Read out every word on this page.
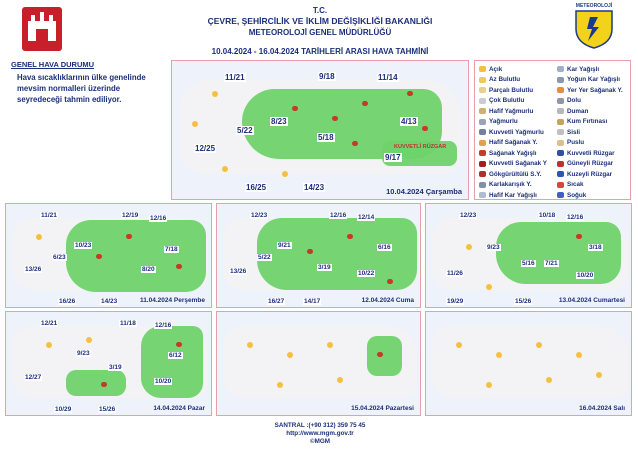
T.C.
ÇEVRE, ŞEHİRCİLİK VE İKLİM DEĞİŞİKLİĞİ BAKANLIĞI
METEOROLOJİ GENEL MÜDÜRLÜĞÜ
10.04.2024 - 16.04.2024 TARİHLERİ ARASI HAVA TAHMİNİ
METEOROLOJİ
GENEL HAVA DURUMU
Hava sıcaklıklarının ülke genelinde mevsim normalleri üzerinde seyredeceği tahmin ediliyor.
KUVVETLİ RÜZGAR
11/21	9/18	11/14
8/23
5/22
5/18
4/13
12/25
9/17
16/25	14/23	10.04.2024 Çarşamba
Açık
Az Bulutlu
Parçalı Bulutlu
Çok Bulutlu
Hafif Yağmurlu
Yağmurlu
Kuvvetli Yağmurlu
Hafif Sağanak Y.
Sağanak Yağışlı
Kuvvetli Sağanak Y
Gökgürültülü S.Y.
Karlakarışık Y.
Hafif Kar Yağışlı
Kar Yağışlı
Yoğun Kar Yağışlı
Yer Yer Sağanak Y.
Dolu
Duman
Kum Fırtınası
Sisli
Puslu
Kuvvetli Rüzgar
Güneyli Rüzgar
Kuzeyli Rüzgar
Sıcak
Soğuk
11/21	12/19 12/16
10/23
6/23
8/20
7/18
13/26
16/26	14/23	11.04.2024 Perşembe
12/23	12/16 12/14
9/21	6/16
5/22
3/19
10/22
13/26
14/17
16/27	12.04.2024 Cuma
12/23	10/18 12/16
9/23	3/18
5/16 7/21
10/20
19/29	15/26
11/26
13.04.2024 Cumartesi
12/21	11/18	12/16
9/23	6/12
3/19
10/20
12/27
10/29	15/26	14.04.2024 Pazar	15.04.2024 Pazartesi	16.04.2024 Salı
SANTRAL :(+90 312) 359 75 45
http://www.mgm.gov.tr
©MGM
